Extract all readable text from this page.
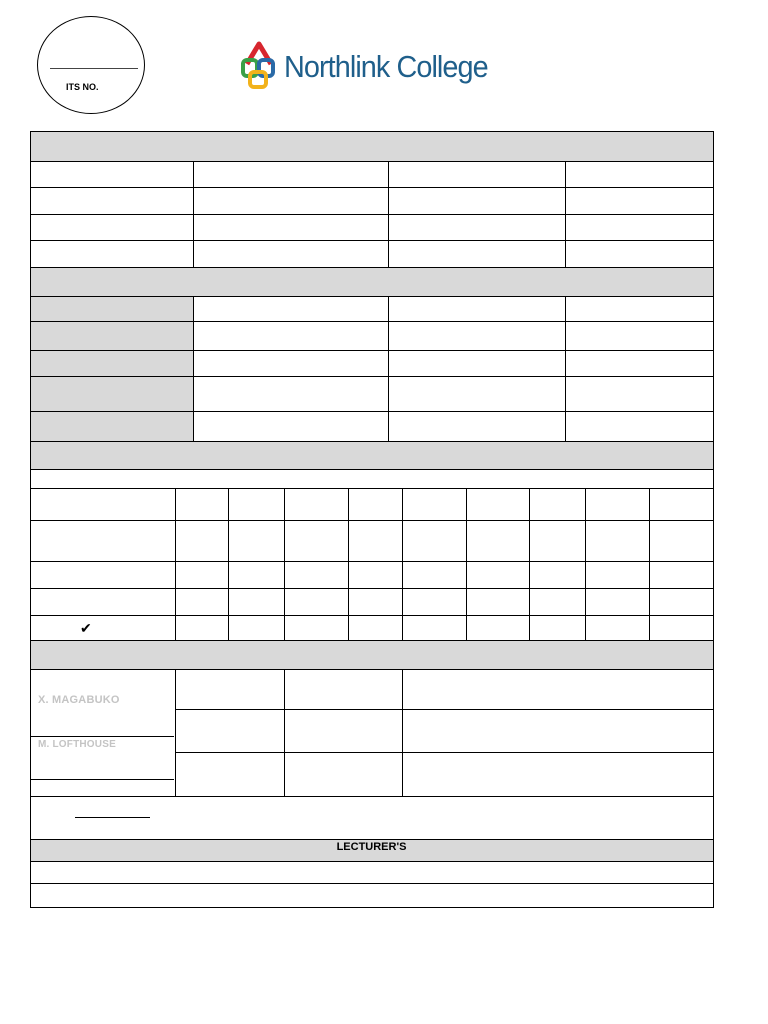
ITS NO.
Northlink College
✔
X. MAGABUKO
M. LOFTHOUSE
LECTURER'S
